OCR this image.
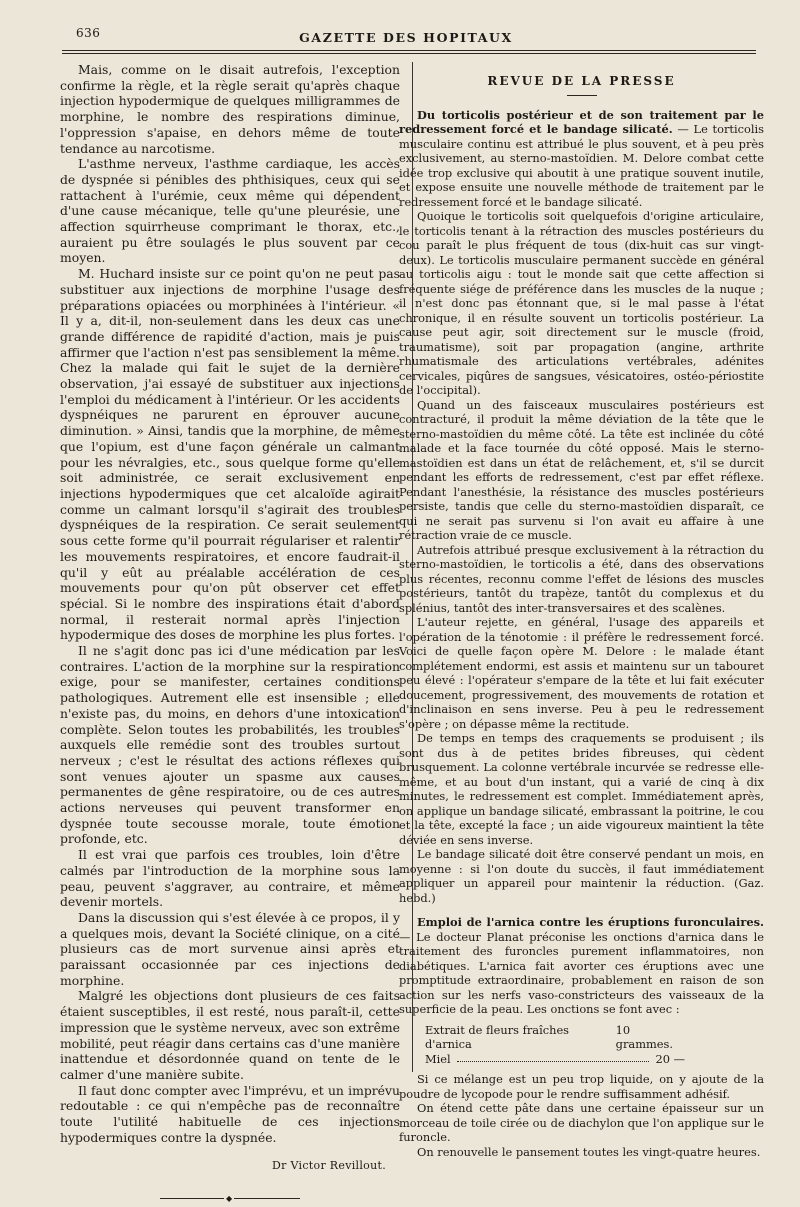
636	GAZETTE DES HOPITAUX

Mais, comme on le disait autrefois, l'exception confirme la règle, et la règle serait qu'après chaque injection hypodermique de quelques milligrammes de morphine, le nombre des respirations diminue, l'oppression s'apaise, en dehors même de toute tendance au narcotisme.

L'asthme nerveux, l'asthme cardiaque, les accès de dyspnée si pénibles des phthisiques, ceux qui se rattachent à l'urémie, ceux même qui dépendent d'une cause mécanique, telle qu'une pleurésie, une affection squirrheuse comprimant le thorax, etc., auraient pu être soulagés le plus souvent par ce moyen.

M. Huchard insiste sur ce point qu'on ne peut pas substituer aux injections de morphine l'usage des préparations opiacées ou morphinées à l'intérieur. « Il y a, dit-il, non-seulement dans les deux cas une grande différence de rapidité d'action, mais je puis affirmer que l'action n'est pas sensiblement la même. Chez la malade qui fait le sujet de la dernière observation, j'ai essayé de substituer aux injections l'emploi du médicament à l'intérieur. Or les accidents dyspnéiques ne parurent en éprouver aucune diminution. » Ainsi, tandis que la morphine, de même que l'opium, est d'une façon générale un calmant pour les névralgies, etc., sous quelque forme qu'elle soit administrée, ce serait exclusivement en injections hypodermiques que cet alcaloïde agirait comme un calmant lorsqu'il s'agirait des troubles dyspnéiques de la respiration. Ce serait seulement sous cette forme qu'il pourrait régulariser et ralentir les mouvements respiratoires, et encore faudrait-il qu'il y eût au préalable accélération de ces mouvements pour qu'on pût observer cet effet spécial. Si le nombre des inspirations était d'abord normal, il resterait normal après l'injection hypodermique des doses de morphine les plus fortes.

Il ne s'agit donc pas ici d'une médication par les contraires. L'action de la morphine sur la respiration exige, pour se manifester, certaines conditions pathologiques. Autrement elle est insensible ; elle n'existe pas, du moins, en dehors d'une intoxication complète. Selon toutes les probabilités, les troubles auxquels elle remédie sont des troubles surtout nerveux ; c'est le résultat des actions réflexes qui sont venues ajouter un spasme aux causes permanentes de gêne respiratoire, ou de ces autres actions nerveuses qui peuvent transformer en dyspnée toute secousse morale, toute émotion profonde, etc.

Il est vrai que parfois ces troubles, loin d'être calmés par l'introduction de la morphine sous la peau, peuvent s'aggraver, au contraire, et même devenir mortels.

Dans la discussion qui s'est élevée à ce propos, il y a quelques mois, devant la Société clinique, on a cité plusieurs cas de mort survenue ainsi après et paraissant occasionnée par ces injections de morphine.

Malgré les objections dont plusieurs de ces faits étaient susceptibles, il est resté, nous paraît-il, cette impression que le système nerveux, avec son extrême mobilité, peut réagir dans certains cas d'une manière inattendue et désordonnée quand on tente de le calmer d'une manière subite.

Il faut donc compter avec l'imprévu, et un imprévu redoutable : ce qui n'empêche pas de reconnaître toute l'utilité habituelle de ces injections hypodermiques contre la dyspnée.

Dr Victor Revillout.
◆
REVUE DE LA PRESSE

Du torticolis postérieur et de son traitement par le redressement forcé et le bandage silicaté. — Le torticolis musculaire continu est attribué le plus souvent, et à peu près exclusivement, au sterno-mastoïdien. M. Delore combat cette idée trop exclusive qui aboutit à une pratique souvent inutile, et expose ensuite une nouvelle méthode de traitement par le redressement forcé et le bandage silicaté.

Quoique le torticolis soit quelquefois d'origine articulaire, le torticolis tenant à la rétraction des muscles postérieurs du cou paraît le plus fréquent de tous (dix-huit cas sur vingt-deux). Le torticolis musculaire permanent succède en général au torticolis aigu : tout le monde sait que cette affection si fréquente siége de préférence dans les muscles de la nuque ; il n'est donc pas étonnant que, si le mal passe à l'état chronique, il en résulte souvent un torticolis postérieur. La cause peut agir, soit directement sur le muscle (froid, traumatisme), soit par propagation (angine, arthrite rhumatismale des articulations vertébrales, adénites cervicales, piqûres de sangsues, vésicatoires, ostéo-périostite de l'occipital).

Quand un des faisceaux musculaires postérieurs est contracturé, il produit la même déviation de la tête que le sterno-mastoïdien du même côté. La tête est inclinée du côté malade et la face tournée du côté opposé. Mais le sterno-mastoïdien est dans un état de relâchement, et, s'il se durcit pendant les efforts de redressement, c'est par effet réflexe. Pendant l'anesthésie, la résistance des muscles postérieurs persiste, tandis que celle du sterno-mastoïdien disparaît, ce qui ne serait pas survenu si l'on avait eu affaire à une rétraction vraie de ce muscle.

Autrefois attribué presque exclusivement à la rétraction du sterno-mastoïdien, le torticolis a été, dans des observations plus récentes, reconnu comme l'effet de lésions des muscles postérieurs, tantôt du trapèze, tantôt du complexus et du splénius, tantôt des inter-transversaires et des scalènes.

L'auteur rejette, en général, l'usage des appareils et l'opération de la ténotomie : il préfère le redressement forcé. Voici de quelle façon opère M. Delore : le malade étant complétement endormi, est assis et maintenu sur un tabouret peu élevé : l'opérateur s'empare de la tête et lui fait exécuter doucement, progressivement, des mouvements de rotation et d'inclinaison en sens inverse. Peu à peu le redressement s'opère ; on dépasse même la rectitude.

De temps en temps des craquements se produisent ; ils sont dus à de petites brides fibreuses, qui cèdent brusquement. La colonne vertébrale incurvée se redresse elle-même, et au bout d'un instant, qui a varié de cinq à dix minutes, le redressement est complet. Immédiatement après, on applique un bandage silicaté, embrassant la poitrine, le cou et la tête, excepté la face ; un aide vigoureux maintient la tête déviée en sens inverse.

Le bandage silicaté doit être conservé pendant un mois, en moyenne : si l'on doute du succès, il faut immédiatement appliquer un appareil pour maintenir la réduction. (Gaz. hebd.)

Emploi de l'arnica contre les éruptions furonculaires. — Le docteur Planat préconise les onctions d'arnica dans le traitement des furoncles purement inflammatoires, non diabétiques. L'arnica fait avorter ces éruptions avec une promptitude extraordinaire, probablement en raison de son action sur les nerfs vaso-constricteurs des vaisseaux de la superficie de la peau. Les onctions se font avec :

Extrait de fleurs fraîches d'arnica
10 grammes.
Miel	20 —

Si ce mélange est un peu trop liquide, on y ajoute de la poudre de lycopode pour le rendre suffisamment adhésif.

On étend cette pâte dans une certaine épaisseur sur un morceau de toile cirée ou de diachylon que l'on applique sur le furoncle.

On renouvelle le pansement toutes les vingt-quatre heures.
